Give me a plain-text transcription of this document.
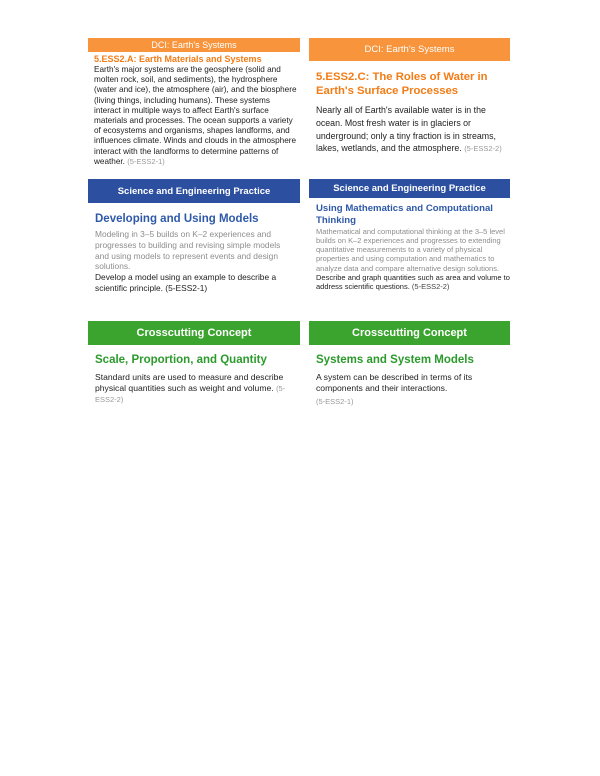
DCI: Earth's Systems
5.ESS2.A: Earth Materials and Systems
Earth's major systems are the geosphere (solid and molten rock, soil, and sediments), the hydrosphere (water and ice), the atmosphere (air), and the biosphere (living things, including humans). These systems interact in multiple ways to affect Earth's surface materials and processes. The ocean supports a variety of ecosystems and organisms, shapes landforms, and influences climate. Winds and clouds in the atmosphere interact with the landforms to determine patterns of weather. (5-ESS2-1)
DCI: Earth's Systems
5.ESS2.C: The Roles of Water in Earth's Surface Processes
Nearly all of Earth's available water is in the ocean. Most fresh water is in glaciers or underground; only a tiny fraction is in streams, lakes, wetlands, and the atmosphere. (5-ESS2-2)
Science and Engineering Practice
Developing and Using Models
Modeling in 3–5 builds on K–2 experiences and progresses to building and revising simple models and using models to represent events and design solutions.
Develop a model using an example to describe a scientific principle. (5-ESS2-1)
Science and Engineering Practice
Using Mathematics and Computational Thinking
Mathematical and computational thinking at the 3–5 level builds on K–2 experiences and progresses to extending quantitative measurements to a variety of physical properties and using computation and mathematics to analyze data and compare alternative design solutions.
Describe and graph quantities such as area and volume to address scientific questions. (5-ESS2-2)
Crosscutting Concept
Scale, Proportion, and Quantity
Standard units are used to measure and describe physical quantities such as weight and volume. (5-ESS2-2)
Crosscutting Concept
Systems and System Models
A system can be described in terms of its components and their interactions.
(5-ESS2-1)
